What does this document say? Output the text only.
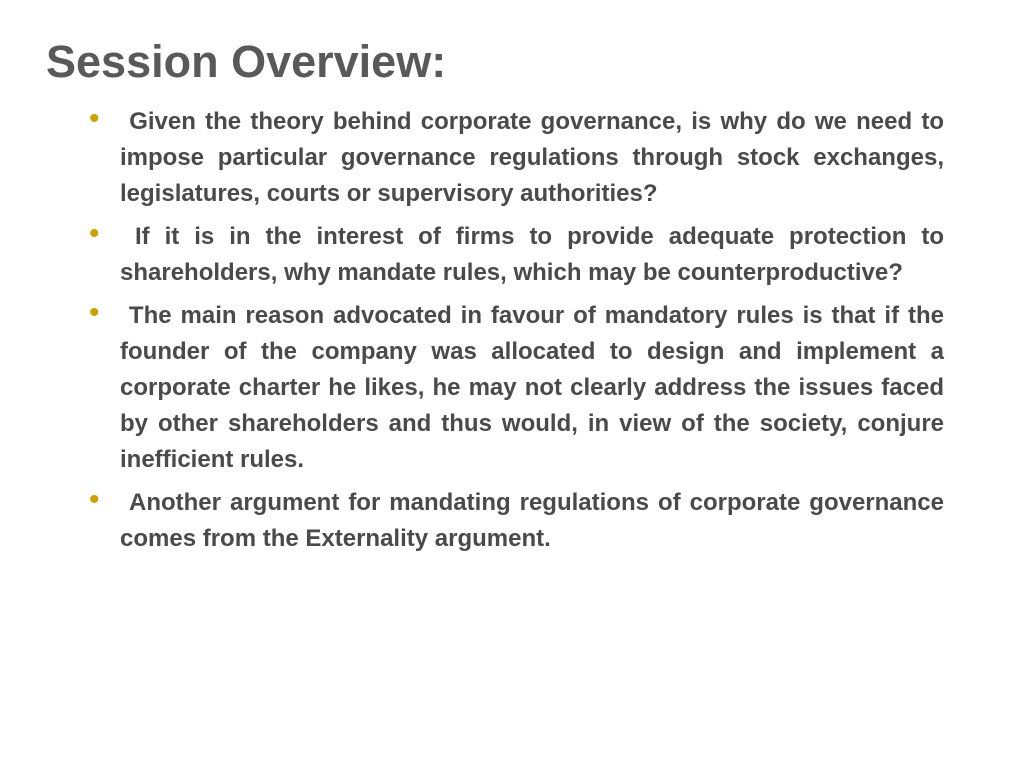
Session Overview:
• Given the theory behind corporate governance, is why do we need to impose particular governance regulations through stock exchanges, legislatures, courts or supervisory authorities?
• If it is in the interest of firms to provide adequate protection to shareholders, why mandate rules, which may be counterproductive?
• The main reason advocated in favour of mandatory rules is that if the founder of the company was allocated to design and implement a corporate charter he likes, he may not clearly address the issues faced by other shareholders and thus would, in view of the society, conjure inefficient rules.
• Another argument for mandating regulations of corporate governance comes from the Externality argument.
